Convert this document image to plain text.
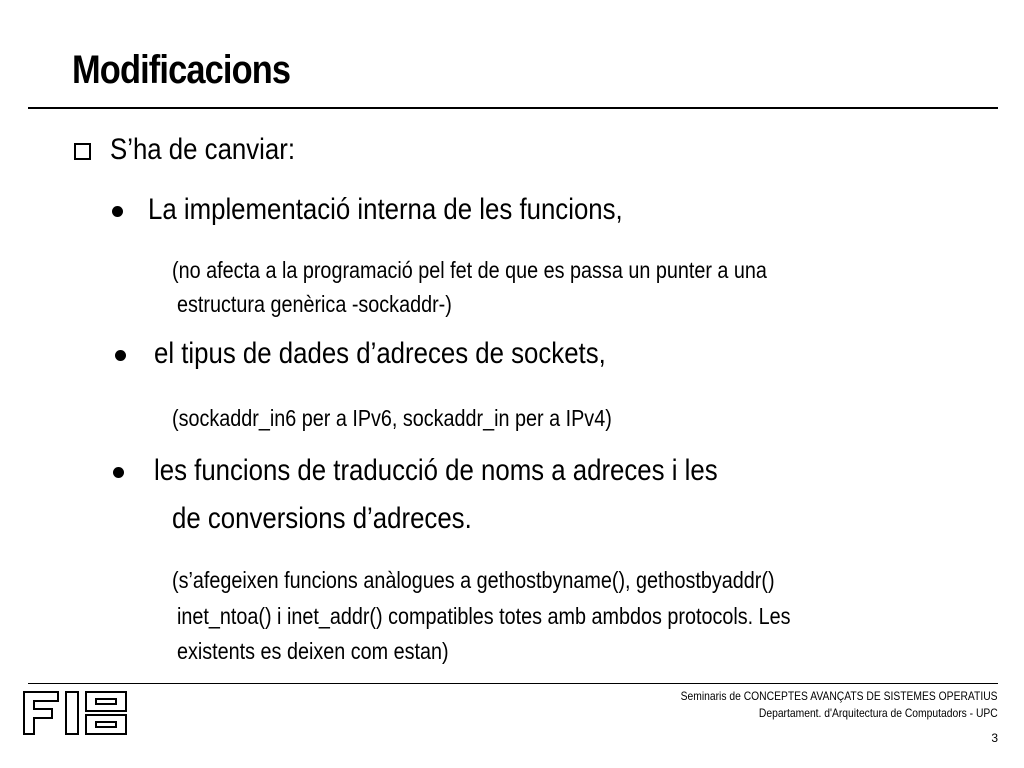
Modificacions
S’ha de canviar:
La implementació interna de les funcions,
(no afecta a la programació pel fet de que es passa un punter a una
estructura genèrica -sockaddr-)
el tipus de dades d’adreces de sockets,
(sockaddr_in6 per a IPv6, sockaddr_in per a IPv4)
les funcions de traducció de noms a adreces i les
de conversions d’adreces.
(s’afegeixen funcions anàlogues a gethostbyname(), gethostbyaddr()
inet_ntoa() i inet_addr() compatibles totes amb ambdos protocols. Les
existents es deixen com estan)
Seminaris de CONCEPTES AVANÇATS DE SISTEMES OPERATIUS
Departament. d'Arquitectura de Computadors - UPC
3
